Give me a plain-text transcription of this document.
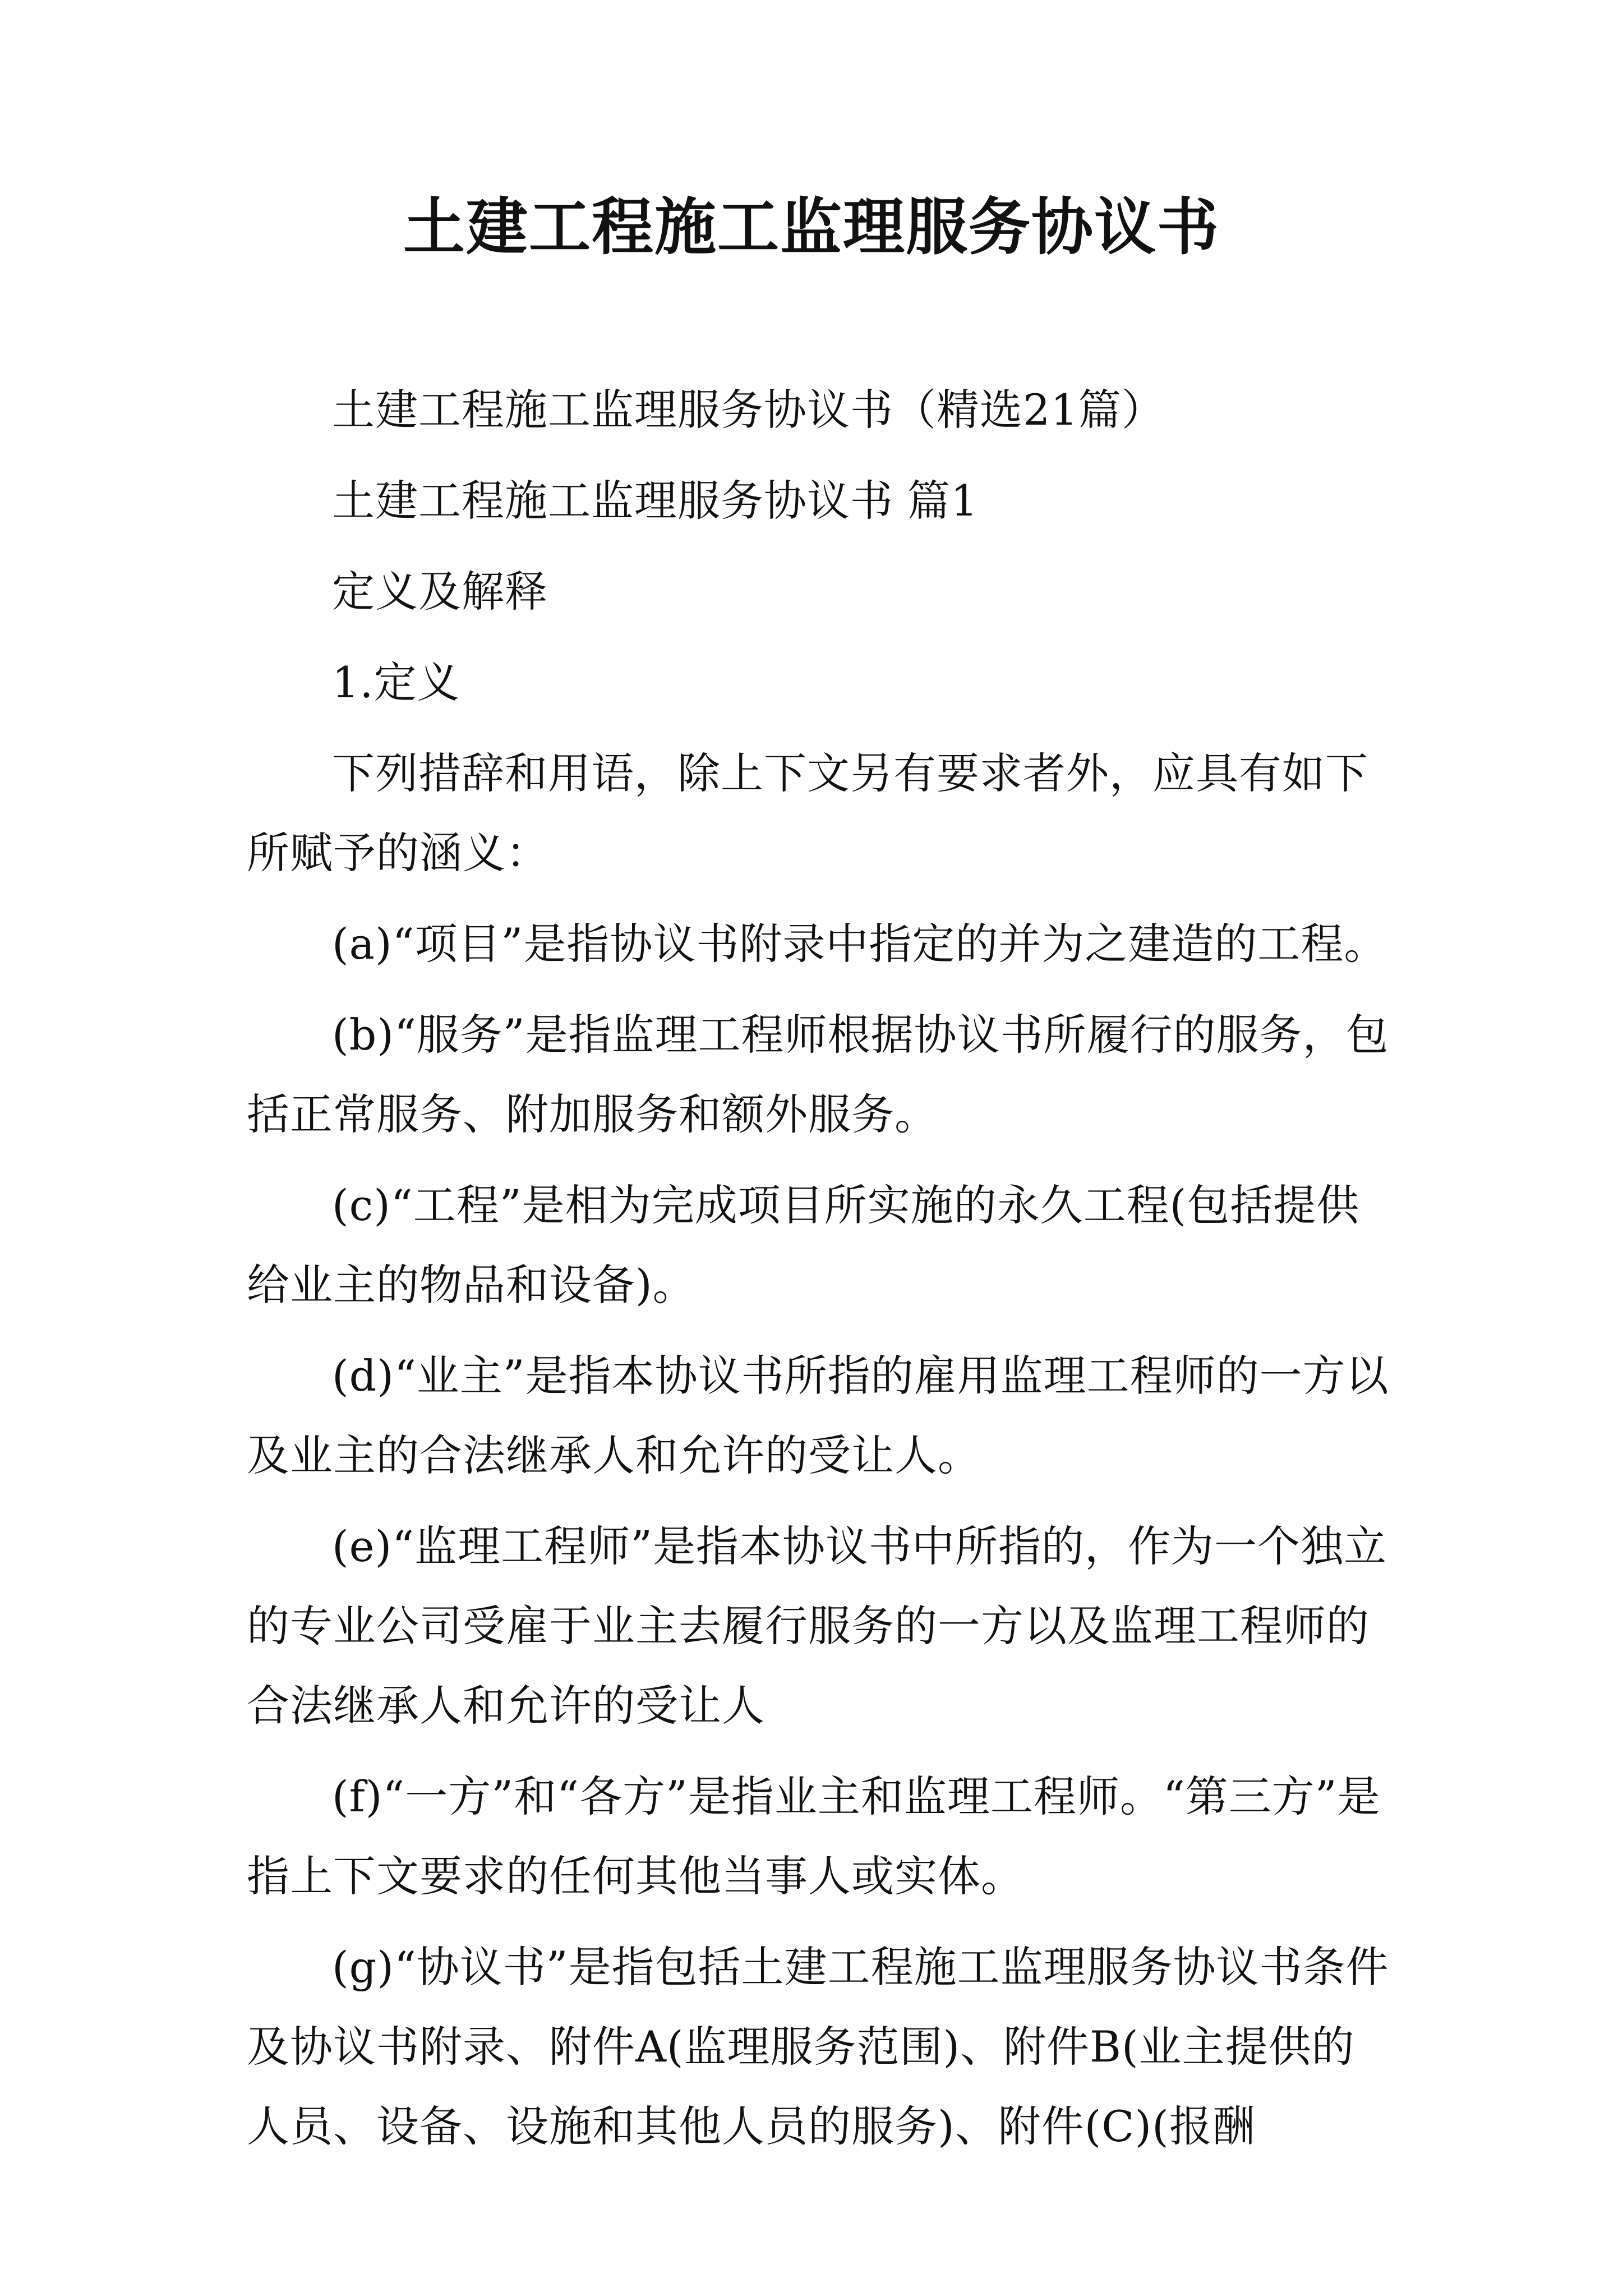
土建工程施工监理服务协议书

土建工程施工监理服务协议书（精选21篇）

土建工程施工监理服务协议书 篇1

定义及解释

1.定义

下列措辞和用语，除上下文另有要求者外，应具有如下所赋予的涵义：

(a)“项目”是指协议书附录中指定的并为之建造的工程。

(b)“服务”是指监理工程师根据协议书所履行的服务，包括正常服务、附加服务和额外服务。

(c)“工程”是相为完成项目所实施的永久工程(包括提供给业主的物品和设备)。

(d)“业主”是指本协议书所指的雇用监理工程师的一方以及业主的合法继承人和允许的受让人。

(e)“监理工程师”是指本协议书中所指的，作为一个独立的专业公司受雇于业主去履行服务的一方以及监理工程师的合法继承人和允许的受让人

(f)“一方”和“各方”是指业主和监理工程师。“第三方”是指上下文要求的任何其他当事人或实体。

(g)“协议书”是指包括土建工程施工监理服务协议书条件及协议书附录、附件A(监理服务范围)、附件B(业主提供的人员、设备、设施和其他人员的服务)、附件(C)(报酬
